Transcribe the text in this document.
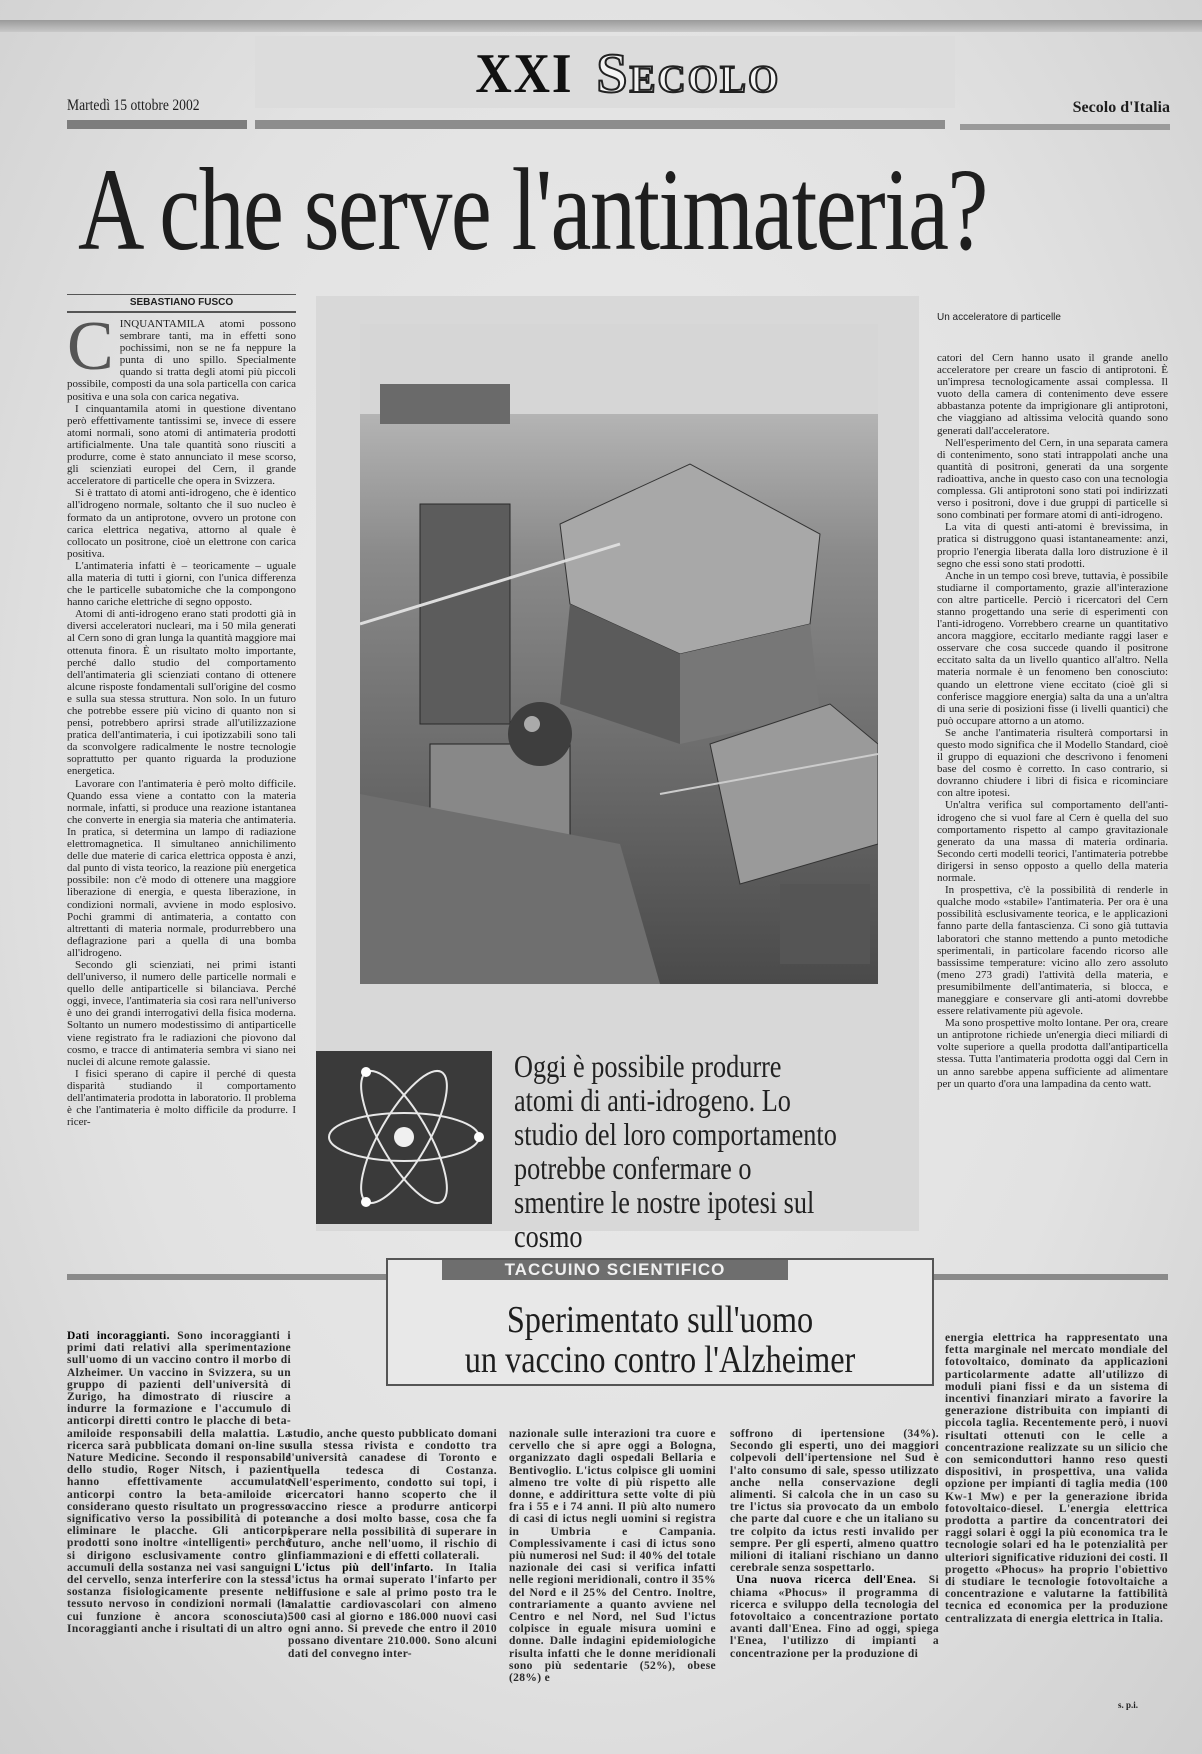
XXI Secolo
Martedì 15 ottobre 2002	Secolo d'Italia
A che serve l'antimateria?
SEBASTIANO FUSCO

CINQUANTAMILA atomi possono sembrare tanti, ma in effetti sono pochissimi, non se ne fa neppure la punta di uno spillo. Specialmente quando si tratta degli atomi più piccoli possibile, composti da una sola particella con carica positiva e una sola con carica negativa.

I cinquantamila atomi in questione diventano però effettivamente tantissimi se, invece di essere atomi normali, sono atomi di antimateria prodotti artificialmente. Una tale quantità sono riusciti a produrre, come è stato annunciato il mese scorso, gli scienziati europei del Cern, il grande acceleratore di particelle che opera in Svizzera.

Si è trattato di atomi anti-idrogeno, che è identico all'idrogeno normale, soltanto che il suo nucleo è formato da un antiprotone, ovvero un protone con carica elettrica negativa, attorno al quale è collocato un positrone, cioè un elettrone con carica positiva.

L'antimateria infatti è – teoricamente – uguale alla materia di tutti i giorni, con l'unica differenza che le particelle subatomiche che la compongono hanno cariche elettriche di segno opposto.

Atomi di anti-idrogeno erano stati prodotti già in diversi acceleratori nucleari, ma i 50 mila generati al Cern sono di gran lunga la quantità maggiore mai ottenuta finora. È un risultato molto importante, perché dallo studio del comportamento dell'antimateria gli scienziati contano di ottenere alcune risposte fondamentali sull'origine del cosmo e sulla sua stessa struttura. Non solo. In un futuro che potrebbe essere più vicino di quanto non si pensi, potrebbero aprirsi strade all'utilizzazione pratica dell'antimateria, i cui ipotizzabili sono tali da sconvolgere radicalmente le nostre tecnologie soprattutto per quanto riguarda la produzione energetica.

Lavorare con l'antimateria è però molto difficile. Quando essa viene a contatto con la materia normale, infatti, si produce una reazione istantanea che converte in energia sia materia che antimateria. In pratica, si determina un lampo di radiazione elettromagnetica. Il simultaneo annichilimento delle due materie di carica elettrica opposta è anzi, dal punto di vista teorico, la reazione più energetica possibile: non c'è modo di ottenere una maggiore liberazione di energia, e questa liberazione, in condizioni normali, avviene in modo esplosivo. Pochi grammi di antimateria, a contatto con altrettanti di materia normale, produrrebbero una deflagrazione pari a quella di una bomba all'idrogeno.

Secondo gli scienziati, nei primi istanti dell'universo, il numero delle particelle normali e quello delle antiparticelle si bilanciava. Perché oggi, invece, l'antimateria sia così rara nell'universo è uno dei grandi interrogativi della fisica moderna. Soltanto un numero modestissimo di antiparticelle viene registrato fra le radiazioni che piovono dal cosmo, e tracce di antimateria sembra vi siano nei nuclei di alcune remote galassie.

I fisici sperano di capire il perché di questa disparità studiando il comportamento dell'antimateria prodotta in laboratorio. Il problema è che l'antimateria è molto difficile da produrre. I ricer-

Un acceleratore di particelle

catori del Cern hanno usato il grande anello acceleratore per creare un fascio di antiprotoni. È un'impresa tecnologicamente assai complessa. Il vuoto della camera di contenimento deve essere abbastanza potente da imprigionare gli antiprotoni, che viaggiano ad altissima velocità quando sono generati dall'acceleratore.

Nell'esperimento del Cern, in una separata camera di contenimento, sono stati intrappolati anche una quantità di positroni, generati da una sorgente radioattiva, anche in questo caso con una tecnologia complessa. Gli antiprotoni sono stati poi indirizzati verso i positroni, dove i due gruppi di particelle si sono combinati per formare atomi di anti-idrogeno.

La vita di questi anti-atomi è brevissima, in pratica si distruggono quasi istantaneamente: anzi, proprio l'energia liberata dalla loro distruzione è il segno che essi sono stati prodotti.

Anche in un tempo così breve, tuttavia, è possibile studiarne il comportamento, grazie all'interazione con altre particelle. Perciò i ricercatori del Cern stanno progettando una serie di esperimenti con l'anti-idrogeno. Vorrebbero crearne un quantitativo ancora maggiore, eccitarlo mediante raggi laser e osservare che cosa succede quando il positrone eccitato salta da un livello quantico all'altro. Nella materia normale è un fenomeno ben conosciuto: quando un elettrone viene eccitato (cioè gli si conferisce maggiore energia) salta da una a un'altra di una serie di posizioni fisse (i livelli quantici) che può occupare attorno a un atomo.

Se anche l'antimateria risulterà comportarsi in questo modo significa che il Modello Standard, cioè il gruppo di equazioni che descrivono i fenomeni base del cosmo è corretto. In caso contrario, si dovranno chiudere i libri di fisica e ricominciare con altre ipotesi.

Un'altra verifica sul comportamento dell'anti-idrogeno che si vuol fare al Cern è quella del suo comportamento rispetto al campo gravitazionale generato da una massa di materia ordinaria. Secondo certi modelli teorici, l'antimateria potrebbe dirigersi in senso opposto a quello della materia normale.

In prospettiva, c'è la possibilità di renderle in qualche modo «stabile» l'antimateria. Per ora è una possibilità esclusivamente teorica, e le applicazioni fanno parte della fantascienza. Ci sono già tuttavia laboratori che stanno mettendo a punto metodiche sperimentali, in particolare facendo ricorso alle bassissime temperature: vicino allo zero assoluto (meno 273 gradi) l'attività della materia, e presumibilmente dell'antimateria, si blocca, e maneggiare e conservare gli anti-atomi dovrebbe essere relativamente più agevole.

Ma sono prospettive molto lontane. Per ora, creare un antiprotone richiede un'energia dieci miliardi di volte superiore a quella prodotta dall'antiparticella stessa. Tutta l'antimateria prodotta oggi dal Cern in un anno sarebbe appena sufficiente ad alimentare per un quarto d'ora una lampadina da cento watt.

Oggi è possibile produrre atomi di anti-idrogeno. Lo studio del loro comportamento potrebbe confermare o smentire le nostre ipotesi sul cosmo
TACCUINO SCIENTIFICO
Sperimentato sull'uomo
un vaccino contro l'Alzheimer

Dati incoraggianti. Sono incoraggianti i primi dati relativi alla sperimentazione sull'uomo di un vaccino contro il morbo di Alzheimer. Un vaccino in Svizzera, su un gruppo di pazienti dell'università di Zurigo, ha dimostrato di riuscire a indurre la formazione e l'accumulo di anticorpi diretti contro le placche di beta-amiloide responsabili della malattia. La ricerca sarà pubblicata domani on-line su Nature Medicine. Secondo il responsabile dello studio, Roger Nitsch, i pazienti hanno effettivamente accumulato anticorpi contro la beta-amiloide e considerano questo risultato un progresso significativo verso la possibilità di poter eliminare le placche. Gli anticorpi prodotti sono inoltre «intelligenti» perché si dirigono esclusivamente contro gli accumuli della sostanza nei vasi sanguigni del cervello, senza interferire con la stessa sostanza fisiologicamente presente nel tessuto nervoso in condizioni normali (la cui funzione è ancora sconosciuta). Incoraggianti anche i risultati di un altro

studio, anche questo pubblicato domani sulla stessa rivista e condotto tra l'università canadese di Toronto e quella tedesca di Costanza. Nell'esperimento, condotto sui topi, i ricercatori hanno scoperto che il vaccino riesce a produrre anticorpi anche a dosi molto basse, cosa che fa sperare nella possibilità di superare in futuro, anche nell'uomo, il rischio di infiammazioni e di effetti collaterali.

L'ictus più dell'infarto. In Italia l'ictus ha ormai superato l'infarto per diffusione e sale al primo posto tra le malattie cardiovascolari con almeno 500 casi al giorno e 186.000 nuovi casi ogni anno. Si prevede che entro il 2010 possano diventare 210.000. Sono alcuni dati del convegno inter-

nazionale sulle interazioni tra cuore e cervello che si apre oggi a Bologna, organizzato dagli ospedali Bellaria e Bentivoglio. L'ictus colpisce gli uomini almeno tre volte di più rispetto alle donne, e addirittura sette volte di più fra i 55 e i 74 anni. Il più alto numero di casi di ictus negli uomini si registra in Umbria e Campania. Complessivamente i casi di ictus sono più numerosi nel Sud: il 40% del totale nazionale dei casi si verifica infatti nelle regioni meridionali, contro il 35% del Nord e il 25% del Centro. Inoltre, contrariamente a quanto avviene nel Centro e nel Nord, nel Sud l'ictus colpisce in eguale misura uomini e donne. Dalle indagini epidemiologiche risulta infatti che le donne meridionali sono più sedentarie (52%), obese (28%) e

soffrono di ipertensione (34%). Secondo gli esperti, uno dei maggiori colpevoli dell'ipertensione nel Sud è l'alto consumo di sale, spesso utilizzato anche nella conservazione degli alimenti. Si calcola che in un caso su tre l'ictus sia provocato da un embolo che parte dal cuore e che un italiano su tre colpito da ictus resti invalido per sempre. Per gli esperti, almeno quattro milioni di italiani rischiano un danno cerebrale senza sospettarlo.

Una nuova ricerca dell'Enea. Si chiama «Phocus» il programma di ricerca e sviluppo della tecnologia del fotovoltaico a concentrazione portato avanti dall'Enea. Fino ad oggi, spiega l'Enea, l'utilizzo di impianti a concentrazione per la produzione di

energia elettrica ha rappresentato una fetta marginale nel mercato mondiale del fotovoltaico, dominato da applicazioni particolarmente adatte all'utilizzo di moduli piani fissi e da un sistema di incentivi finanziari mirato a favorire la generazione distribuita con impianti di piccola taglia. Recentemente però, i nuovi risultati ottenuti con le celle a concentrazione realizzate su un silicio che con semiconduttori hanno reso questi dispositivi, in prospettiva, una valida opzione per impianti di taglia media (100 Kw-1 Mw) e per la generazione ibrida fotovoltaico-diesel. L'energia elettrica prodotta a partire da concentratori dei raggi solari è oggi la più economica tra le tecnologie solari ed ha le potenzialità per ulteriori significative riduzioni dei costi. Il progetto «Phocus» ha proprio l'obiettivo di studiare le tecnologie fotovoltaiche a concentrazione e valutarne la fattibilità tecnica ed economica per la produzione centralizzata di energia elettrica in Italia.

s. p.i.
